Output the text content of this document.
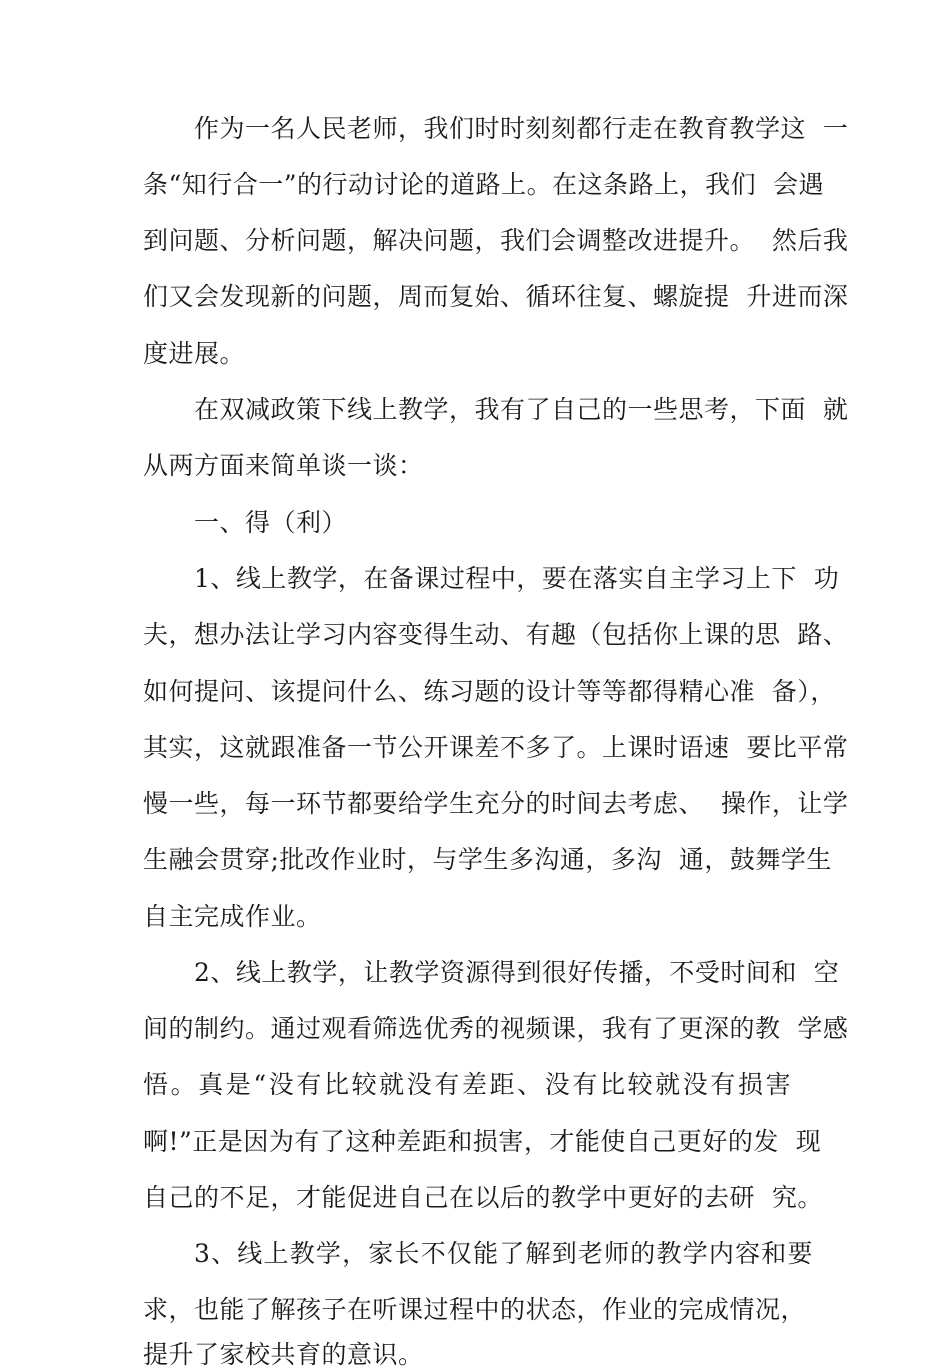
作为一名人民老师，我们时时刻刻都行走在教育教学这  一
条“知行合一”的行动讨论的道路上。在这条路上，我们  会遇
到问题、分析问题，解决问题，我们会调整改进提升。  然后我
们又会发现新的问题，周而复始、循环往复、螺旋提  升进而深
度进展。
在双减政策下线上教学，我有了自己的一些思考，下面  就
从两方面来简单谈一谈：
一、得（利）
1、线上教学，在备课过程中，要在落实自主学习上下  功
夫，想办法让学习内容变得生动、有趣（包括你上课的思  路、
如何提问、该提问什么、练习题的设计等等都得精心准  备），
其实，这就跟准备一节公开课差不多了。上课时语速  要比平常
慢一些，每一环节都要给学生充分的时间去考虑、  操作，让学
生融会贯穿;批改作业时，与学生多沟通，多沟  通，鼓舞学生
自主完成作业。
2、线上教学，让教学资源得到很好传播，不受时间和  空
间的制约。通过观看筛选优秀的视频课，我有了更深的教  学感
悟。真是“没有比较就没有差距、没有比较就没有损害
啊!”正是因为有了这种差距和损害，才能使自己更好的发  现
自己的不足，才能促进自己在以后的教学中更好的去研  究。
3、线上教学，家长不仅能了解到老师的教学内容和要
求，也能了解孩子在听课过程中的状态，作业的完成情况，
提升了家校共育的意识。
